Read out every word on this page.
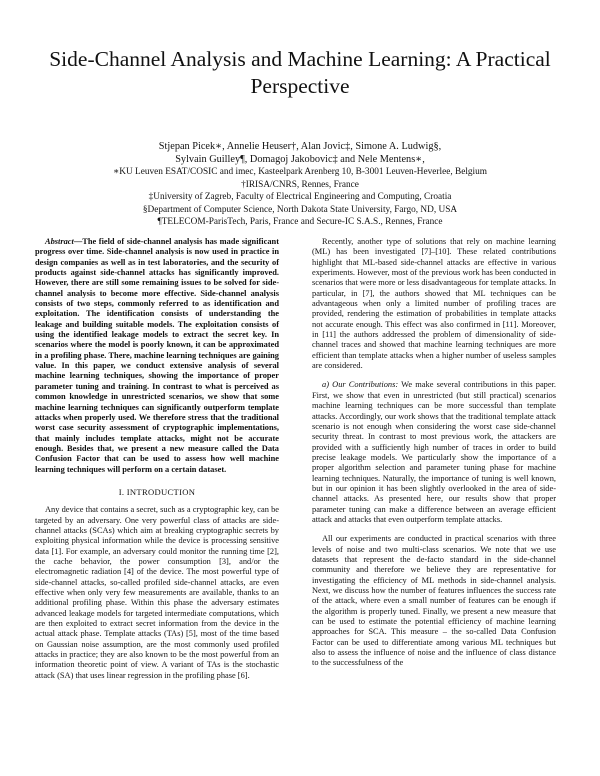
Side-Channel Analysis and Machine Learning: A Practical Perspective
Stjepan Picek∗, Annelie Heuser†, Alan Jovic‡, Simone A. Ludwig§,
Sylvain Guilley¶, Domagoj Jakobovic‡ and Nele Mentens∗,
∗KU Leuven ESAT/COSIC and imec, Kasteelpark Arenberg 10, B-3001 Leuven-Heverlee, Belgium
†IRISA/CNRS, Rennes, France
‡University of Zagreb, Faculty of Electrical Engineering and Computing, Croatia
§Department of Computer Science, North Dakota State University, Fargo, ND, USA
¶TELECOM-ParisTech, Paris, France and Secure-IC S.A.S., Rennes, France

Abstract—The field of side-channel analysis has made significant progress over time. Side-channel analysis is now used in practice in design companies as well as in test laboratories, and the security of products against side-channel attacks has significantly improved. However, there are still some remaining issues to be solved for side-channel analysis to become more effective. Side-channel analysis consists of two steps, commonly referred to as identification and exploitation. The identification consists of understanding the leakage and building suitable models. The exploitation consists of using the identified leakage models to extract the secret key. In scenarios where the model is poorly known, it can be approximated in a profiling phase. There, machine learning techniques are gaining value. In this paper, we conduct extensive analysis of several machine learning techniques, showing the importance of proper parameter tuning and training. In contrast to what is perceived as common knowledge in unrestricted scenarios, we show that some machine learning techniques can significantly outperform template attacks when properly used. We therefore stress that the traditional worst case security assessment of cryptographic implementations, that mainly includes template attacks, might not be accurate enough. Besides that, we present a new measure called the Data Confusion Factor that can be used to assess how well machine learning techniques will perform on a certain dataset.

I. INTRODUCTION

Any device that contains a secret, such as a cryptographic key, can be targeted by an adversary. One very powerful class of attacks are side-channel attacks (SCAs) which aim at breaking cryptographic secrets by exploiting physical information while the device is processing sensitive data [1]. For example, an adversary could monitor the running time [2], the cache behavior, the power consumption [3], and/or the electromagnetic radiation [4] of the device. The most powerful type of side-channel attacks, so-called profiled side-channel attacks, are even effective when only very few measurements are available, thanks to an additional profiling phase. Within this phase the adversary estimates advanced leakage models for targeted intermediate computations, which are then exploited to extract secret information from the device in the actual attack phase. Template attacks (TAs) [5], most of the time based on Gaussian noise assumption, are the most commonly used profiled attacks in practice; they are also known to be the most powerful from an information theoretic point of view. A variant of TAs is the stochastic attack (SA) that uses linear regression in the profiling phase [6].

Recently, another type of solutions that rely on machine learning (ML) has been investigated [7]–[10]. These related contributions highlight that ML-based side-channel attacks are effective in various experiments. However, most of the previous work has been conducted in scenarios that were more or less disadvantageous for template attacks. In particular, in [7], the authors showed that ML techniques can be advantageous when only a limited number of profiling traces are provided, rendering the estimation of probabilities in template attacks not accurate enough. This effect was also confirmed in [11]. Moreover, in [11] the authors addressed the problem of dimensionality of side-channel traces and showed that machine learning techniques are more efficient than template attacks when a higher number of useless samples are considered.

a) Our Contributions: We make several contributions in this paper. First, we show that even in unrestricted (but still practical) scenarios machine learning techniques can be more successful than template attacks. Accordingly, our work shows that the traditional template attack scenario is not enough when considering the worst case side-channel security threat. In contrast to most previous work, the attackers are provided with a sufficiently high number of traces in order to build precise leakage models. We particularly show the importance of a proper algorithm selection and parameter tuning phase for machine learning techniques. Naturally, the importance of tuning is well known, but in our opinion it has been slightly overlooked in the area of side-channel attacks. As presented here, our results show that proper parameter tuning can make a difference between an average efficient attack and attacks that even outperform template attacks.

All our experiments are conducted in practical scenarios with three levels of noise and two multi-class scenarios. We note that we use datasets that represent the de-facto standard in the side-channel community and therefore we believe they are representative for investigating the efficiency of ML methods in side-channel analysis. Next, we discuss how the number of features influences the success rate of the attack, where even a small number of features can be enough if the algorithm is properly tuned. Finally, we present a new measure that can be used to estimate the potential efficiency of machine learning approaches for SCA. This measure – the so-called Data Confusion Factor can be used to differentiate among various ML techniques but also to assess the influence of noise and the influence of class distance to the successfulness of the
